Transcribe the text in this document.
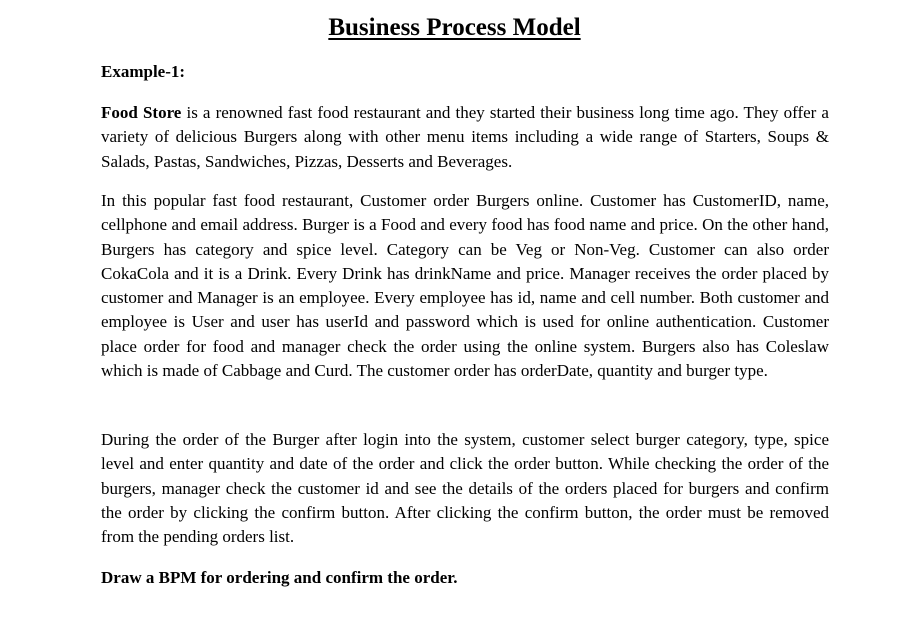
Business Process Model

Example-1:

Food Store is a renowned fast food restaurant and they started their business long time ago. They offer a variety of delicious Burgers along with other menu items including a wide range of Starters, Soups & Salads, Pastas, Sandwiches, Pizzas, Desserts and Beverages.

In this popular fast food restaurant, Customer order Burgers online. Customer has CustomerID, name, cellphone and email address. Burger is a Food and every food has food name and price. On the other hand, Burgers has category and spice level. Category can be Veg or Non-Veg. Customer can also order CokaCola and it is a Drink. Every Drink has drinkName and price. Manager receives the order placed by customer and Manager is an employee. Every employee has id, name and cell number. Both customer and employee is User and user has userId and password which is used for online authentication. Customer place order for food and manager check the order using the online system. Burgers also has Coleslaw which is made of Cabbage and Curd. The customer order has orderDate, quantity and burger type.

During the order of the Burger after login into the system, customer select burger category, type, spice level and enter quantity and date of the order and click the order button. While checking the order of the burgers, manager check the customer id and see the details of the orders placed for burgers and confirm the order by clicking the confirm button. After clicking the confirm button, the order must be removed from the pending orders list.

Draw a BPM for ordering and confirm the order.
